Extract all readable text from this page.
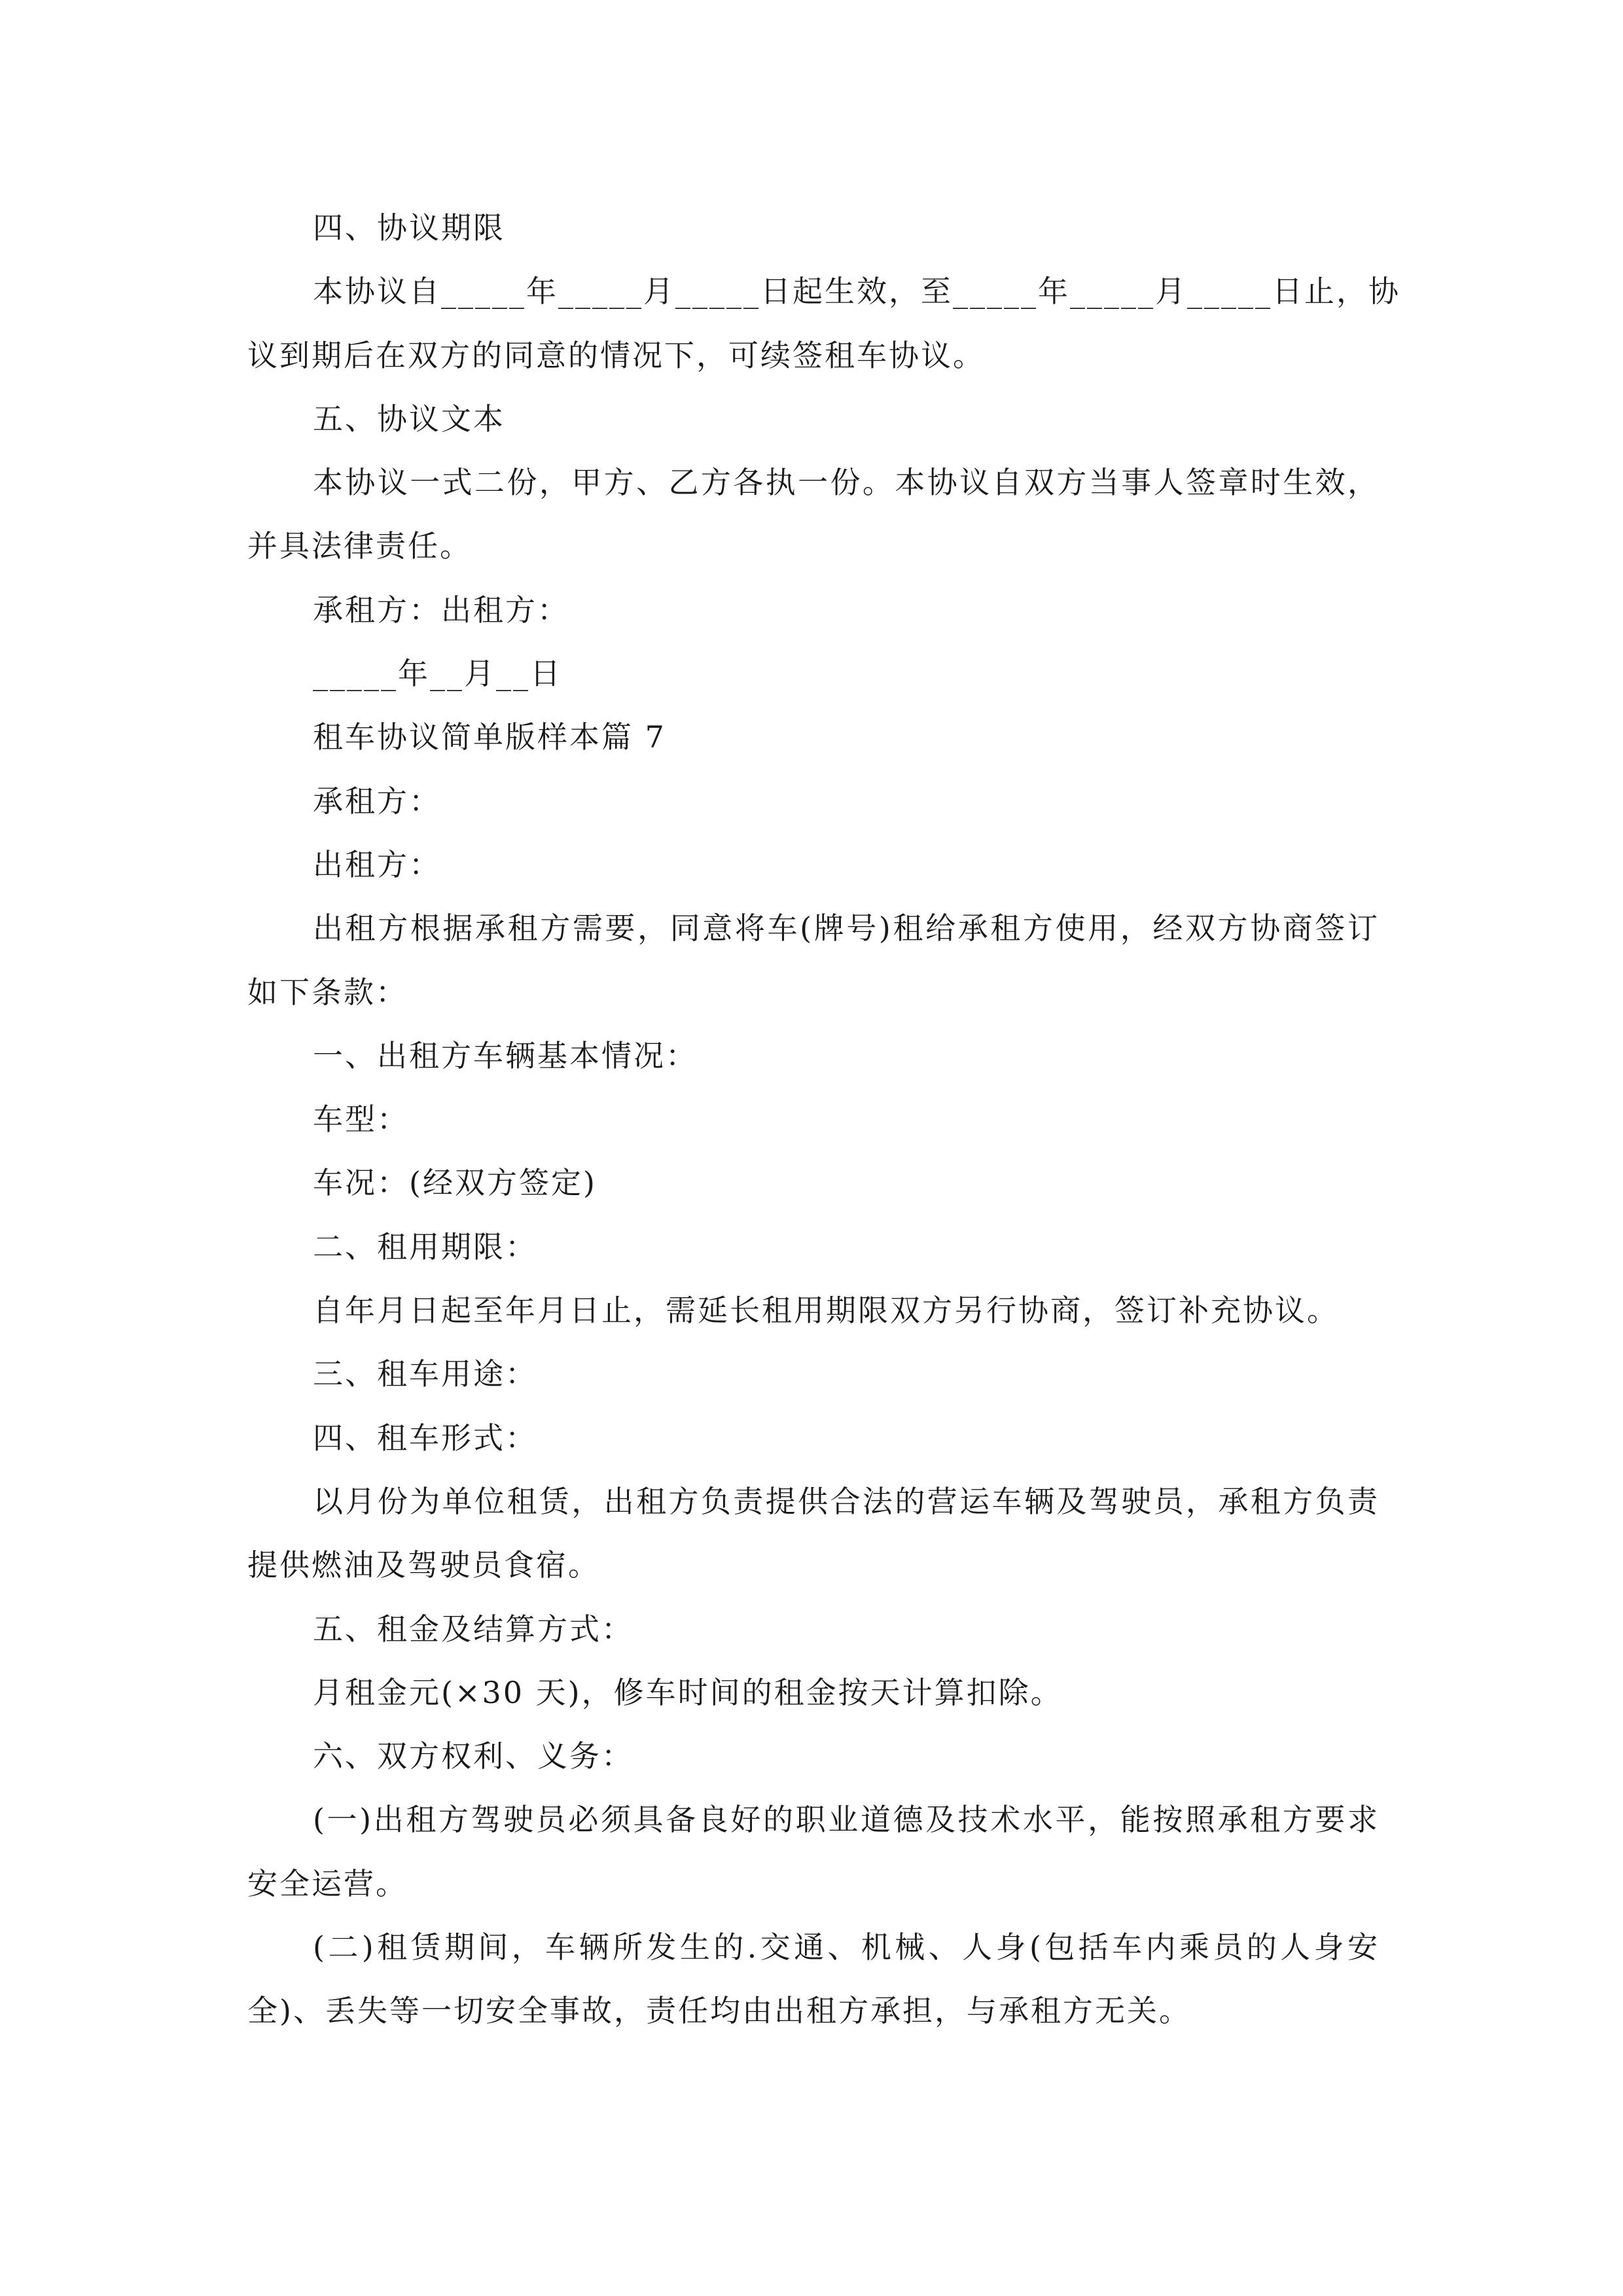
四、协议期限
本协议自_____年_____月_____日起生效，至_____年_____月_____日止，协
议到期后在双方的同意的情况下，可续签租车协议。
五、协议文本
本协议一式二份，甲方、乙方各执一份。本协议自双方当事人签章时生效，
并具法律责任。
承租方：出租方：
_____年__月__日
租车协议简单版样本篇 7
承租方：
出租方：
出租方根据承租方需要，同意将车(牌号)租给承租方使用，经双方协商签订
如下条款：
一、出租方车辆基本情况：
车型：
车况：(经双方签定)
二、租用期限：
自年月日起至年月日止，需延长租用期限双方另行协商，签订补充协议。
三、租车用途：
四、租车形式：
以月份为单位租赁，出租方负责提供合法的营运车辆及驾驶员，承租方负责
提供燃油及驾驶员食宿。
五、租金及结算方式：
月租金元(×30 天)，修车时间的租金按天计算扣除。
六、双方权利、义务：
(一)出租方驾驶员必须具备良好的职业道德及技术水平，能按照承租方要求
安全运营。
(二)租赁期间，车辆所发生的.交通、机械、人身(包括车内乘员的人身安
全)、丢失等一切安全事故，责任均由出租方承担，与承租方无关。
